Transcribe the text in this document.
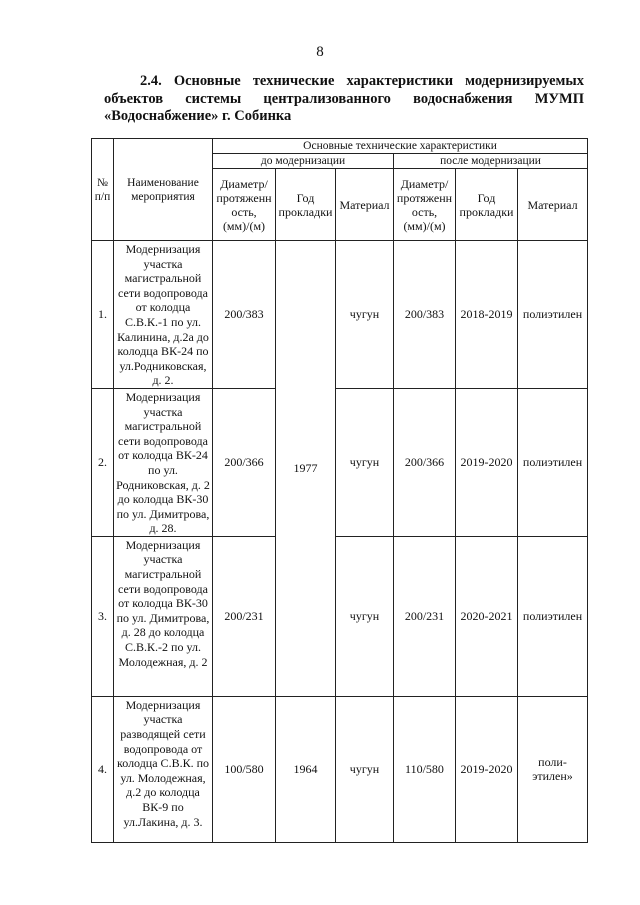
8
2.4. Основные технические характеристики модернизируемых
объектов системы централизованного водоснабжения МУМП
«Водоснабжение» г. Собинка
№ п/п	Наименование мероприятия	Основные технические характеристики					
		до модернизации			после модернизации		
		Диаметр/ протяженн ость, (мм)/(м)	Год прокладки	Материал	Диаметр/ протяженн ость, (мм)/(м)	Год прокладки	Материал
1.	Модернизация участка магистральной сети водопровода от колодца С.В.К.-1 по ул. Калинина, д.2а до колодца ВК-24 по ул.Родниковская, д. 2.	200/383	1977	чугун	200/383	2018-2019	полиэтилен
2.	Модернизация участка магистральной сети водопровода от колодца ВК-24 по ул. Родниковская, д. 2 до колодца ВК-30 по ул. Димитрова, д. 28.	200/366		чугун	200/366	2019-2020	полиэтилен
3.	Модернизация участка магистральной сети водопровода от колодца ВК-30 по ул. Димитрова, д. 28 до колодца С.В.К.-2 по ул. Молодежная, д. 2	200/231		чугун	200/231	2020-2021	полиэтилен
4.	Модернизация участка разводящей сети водопровода от колодца С.В.К. по ул. Молодежная, д.2 до колодца ВК-9 по ул.Лакина, д. 3.	100/580	1964	чугун	110/580	2019-2020	поли- этилен»
